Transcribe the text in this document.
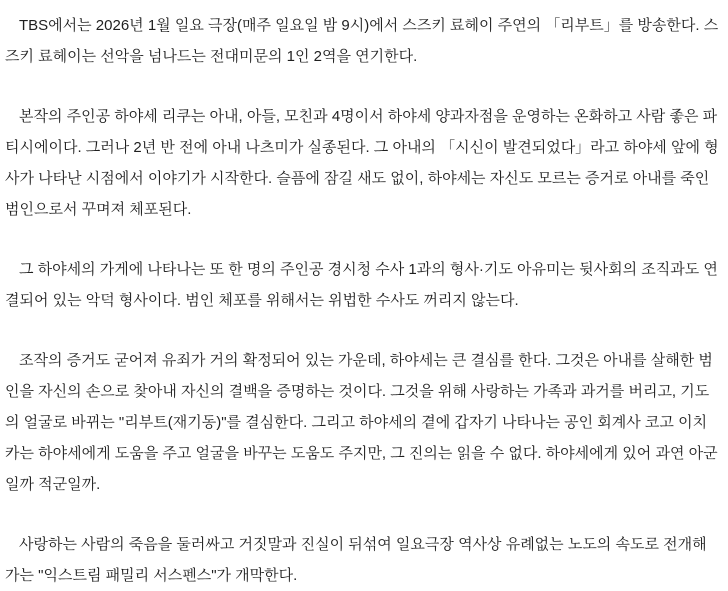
TBS에서는 2026년 1월 일요 극장(매주 일요일 밤 9시)에서 스즈키 료헤이 주연의 「리부트」를 방송한다. 스즈키 료헤이는 선악을 넘나드는 전대미문의 1인 2역을 연기한다.

본작의 주인공 하야세 리쿠는 아내, 아들, 모친과 4명이서 하야세 양과자점을 운영하는 온화하고 사람 좋은 파티시에이다. 그러나 2년 반 전에 아내 나츠미가 실종된다. 그 아내의 「시신이 발견되었다」라고 하야세 앞에 형사가 나타난 시점에서 이야기가 시작한다. 슬픔에 잠길 새도 없이, 하야세는 자신도 모르는 증거로 아내를 죽인 범인으로서 꾸며져 체포된다.

그 하야세의 가게에 나타나는 또 한 명의 주인공 경시청 수사 1과의 형사·기도 아유미는 뒷사회의 조직과도 연결되어 있는 악덕 형사이다. 범인 체포를 위해서는 위법한 수사도 꺼리지 않는다.

조작의 증거도 굳어져 유죄가 거의 확정되어 있는 가운데, 하야세는 큰 결심를 한다. 그것은 아내를 살해한 범인을 자신의 손으로 찾아내 자신의 결백을 증명하는 것이다. 그것을 위해 사랑하는 가족과 과거를 버리고, 기도의 얼굴로 바뀌는 "리부트(재기동)"를 결심한다. 그리고 하야세의 곁에 갑자기 나타나는 공인 회계사 코고 이치카는 하야세에게 도움을 주고 얼굴을 바꾸는 도움도 주지만, 그 진의는 읽을 수 없다. 하야세에게 있어 과연 아군일까 적군일까.

사랑하는 사람의 죽음을 둘러싸고 거짓말과 진실이 뒤섞여 일요극장 역사상 유례없는 노도의 속도로 전개해 가는 "익스트림 패밀리 서스펜스"가 개막한다.
